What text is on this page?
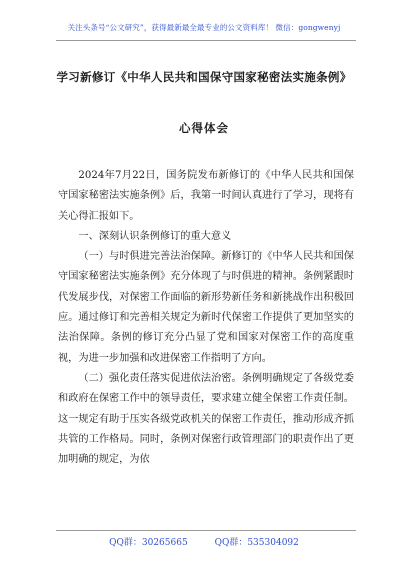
关注头条号“公文研究”，获得最新最全最专业的公文资料库！ 微信：gongwenyj
学习新修订《中华人民共和国保守国家秘密法实施条例》
心得体会

2024年7月22日，国务院发布新修订的《中华人民共和国保守国家秘密法实施条例》后，我第一时间认真进行了学习，现将有关心得汇报如下。

一、深刻认识条例修订的重大意义

（一）与时俱进完善法治保障。新修订的《中华人民共和国保守国家秘密法实施条例》充分体现了与时俱进的精神。条例紧跟时代发展步伐，对保密工作面临的新形势新任务和新挑战作出积极回应。通过修订和完善相关规定为新时代保密工作提供了更加坚实的法治保障。条例的修订充分凸显了党和国家对保密工作的高度重视，为进一步加强和改进保密工作指明了方向。

（二）强化责任落实促进依法治密。条例明确规定了各级党委和政府在保密工作中的领导责任，要求建立健全保密工作责任制。这一规定有助于压实各级党政机关的保密工作责任，推动形成齐抓共管的工作格局。同时，条例对保密行政管理部门的职责作出了更加明确的规定，为依

QQ群：30265665	QQ群：535304092
